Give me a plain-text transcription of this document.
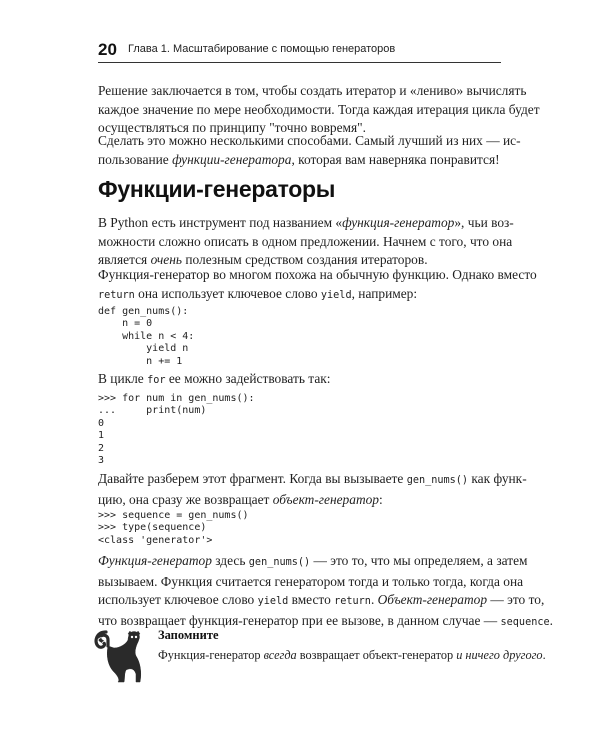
20 Глава 1. Масштабирование с помощью генераторов

Решение заключается в том, чтобы создать итератор и «лениво» вычислять
каждое значение по мере необходимости. Тогда каждая итерация цикла будет
осуществляться по принципу "точно вовремя".

Сделать это можно несколькими способами. Самый лучший из них — ис-
пользование функции-генератора, которая вам наверняка понравится!

Функции-генераторы

В Python есть инструмент под названием «функция-генератор», чьи воз-
можности сложно описать в одном предложении. Начнем с того, что она
является очень полезным средством создания итераторов.

Функция-генератор во многом похожа на обычную функцию. Однако вместо
return она использует ключевое слово yield, например:

def gen_nums():
n = 0
while n < 4:
yield n
n += 1

В цикле for ее можно задействовать так:

>>> for num in gen_nums():
...     print(num)
0
1
2
3

Давайте разберем этот фрагмент. Когда вы вызываете gen_nums() как функ-
цию, она сразу же возвращает объект-генератор:

>>> sequence = gen_nums()
>>> type(sequence)
<class 'generator'>

Функция-генератор здесь gen_nums() — это то, что мы определяем, а затем
вызываем. Функция считается генератором тогда и только тогда, когда она
использует ключевое слово yield вместо return. Объект-генератор — это то,
что возвращает функция-генератор при ее вызове, в данном случае — sequence.

Запомните
Функция-генератор всегда возвращает объект-генератор и ничего другого.
